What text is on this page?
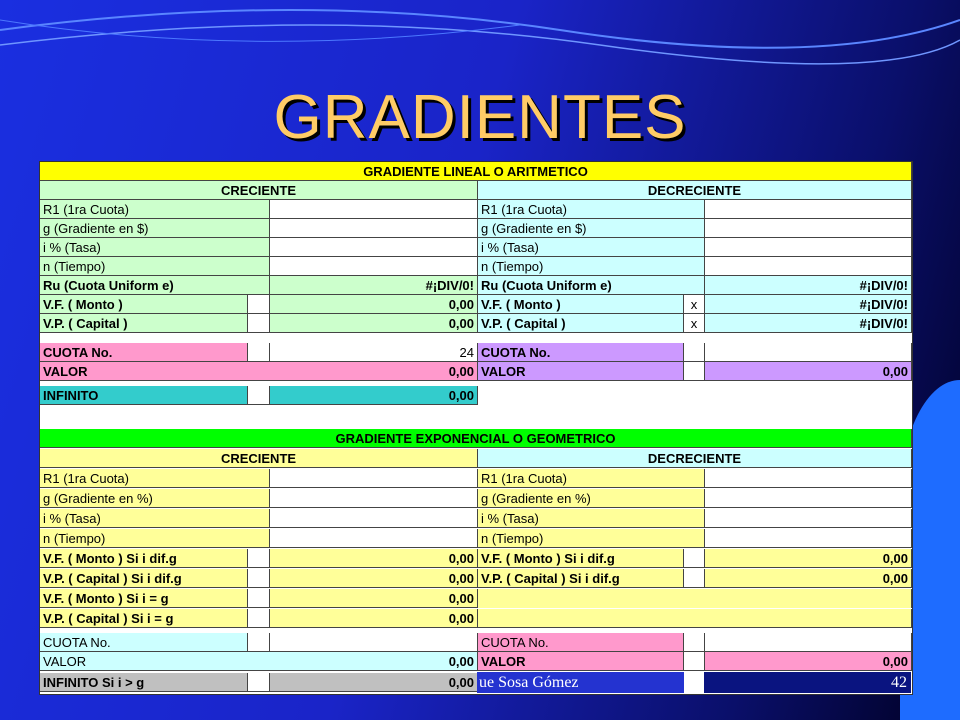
GRADIENTES
GRADIENTE LINEAL O ARITMETICO
CRECIENTE	DECRECIENTE
R1 (1ra Cuota)	R1 (1ra Cuota)
g (Gradiente en $)	g (Gradiente en $)
i % (Tasa)	i % (Tasa)
n (Tiempo)	n (Tiempo)
Ru (Cuota Uniform e)	#¡DIV/0! Ru (Cuota Uniform e)	#¡DIV/0!
V.F. ( Monto )	0,00 V.F. ( Monto )	x	#¡DIV/0!
V.P. ( Capital )	0,00 V.P. ( Capital )	x	#¡DIV/0!
CUOTA No.	24 CUOTA No.
VALOR	0,00 VALOR	0,00
INFINITO	0,00
GRADIENTE EXPONENCIAL O GEOMETRICO
CRECIENTE	DECRECIENTE
R1 (1ra Cuota)	R1 (1ra Cuota)
g (Gradiente en %)	g (Gradiente en %)
i % (Tasa)	i % (Tasa)
n (Tiempo)	n (Tiempo)
V.F. ( Monto ) Si i dif.g	0,00 V.F. ( Monto ) Si i dif.g	0,00
V.P. ( Capital ) Si i dif.g	0,00 V.P. ( Capital ) Si i dif.g	0,00
V.F. ( Monto ) Si i = g	0,00
V.P. ( Capital ) Si i = g	0,00
CUOTA No.	CUOTA No.
VALOR	0,00 VALOR	0,00
INFINITO Si i > g	0,00 ue Sosa Gómez	42
